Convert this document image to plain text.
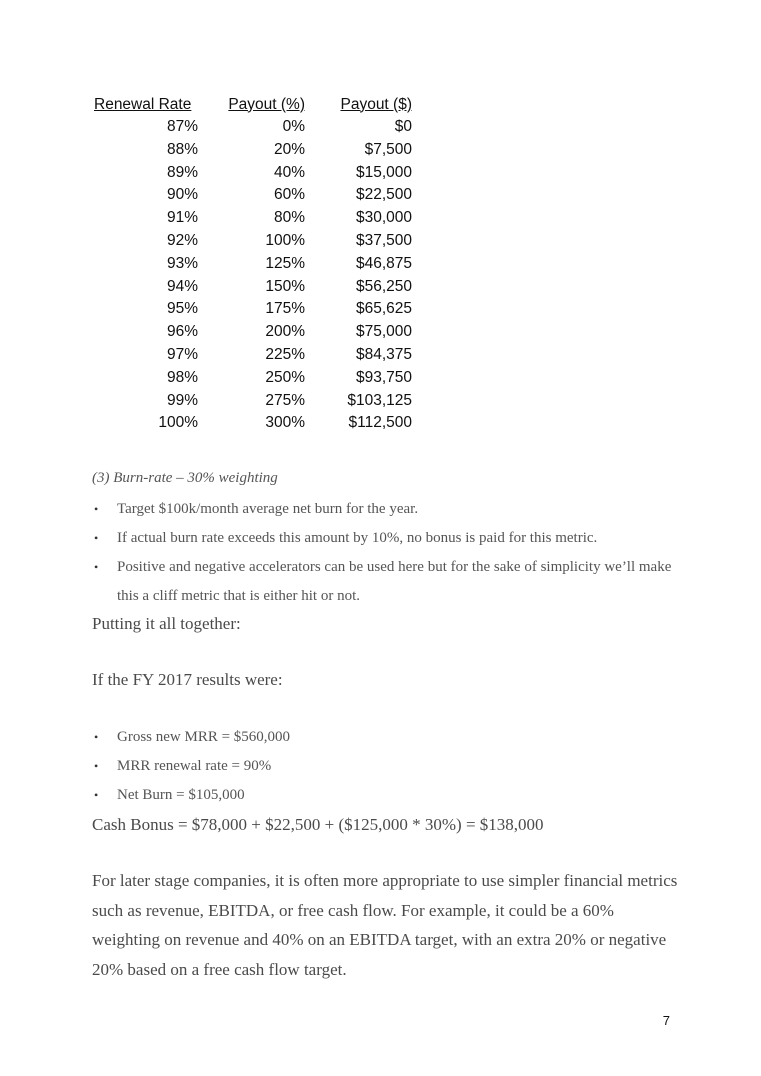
Renewal Rate	Payout (%)	Payout ($)
87%	0%	$0
88%	20%	$7,500
89%	40%	$15,000
90%	60%	$22,500
91%	80%	$30,000
92%	100%	$37,500
93%	125%	$46,875
94%	150%	$56,250
95%	175%	$65,625
96%	200%	$75,000
97%	225%	$84,375
98%	250%	$93,750
99%	275%	$103,125
100%	300%	$112,500
(3) Burn-rate – 30% weighting
• Target $100k/month average net burn for the year.
• If actual burn rate exceeds this amount by 10%, no bonus is paid for this metric.
• Positive and negative accelerators can be used here but for the sake of simplicity we’ll make this a cliff metric that is either hit or not.

Putting it all together:

If the FY 2017 results were:

• Gross new MRR = $560,000
• MRR renewal rate = 90%
• Net Burn = $105,000

Cash Bonus = $78,000 + $22,500 + ($125,000 * 30%) = $138,000

For later stage companies, it is often more appropriate to use simpler financial metrics such as revenue, EBITDA, or free cash flow. For example, it could be a 60% weighting on revenue and 40% on an EBITDA target, with an extra 20% or negative 20% based on a free cash flow target.

7
